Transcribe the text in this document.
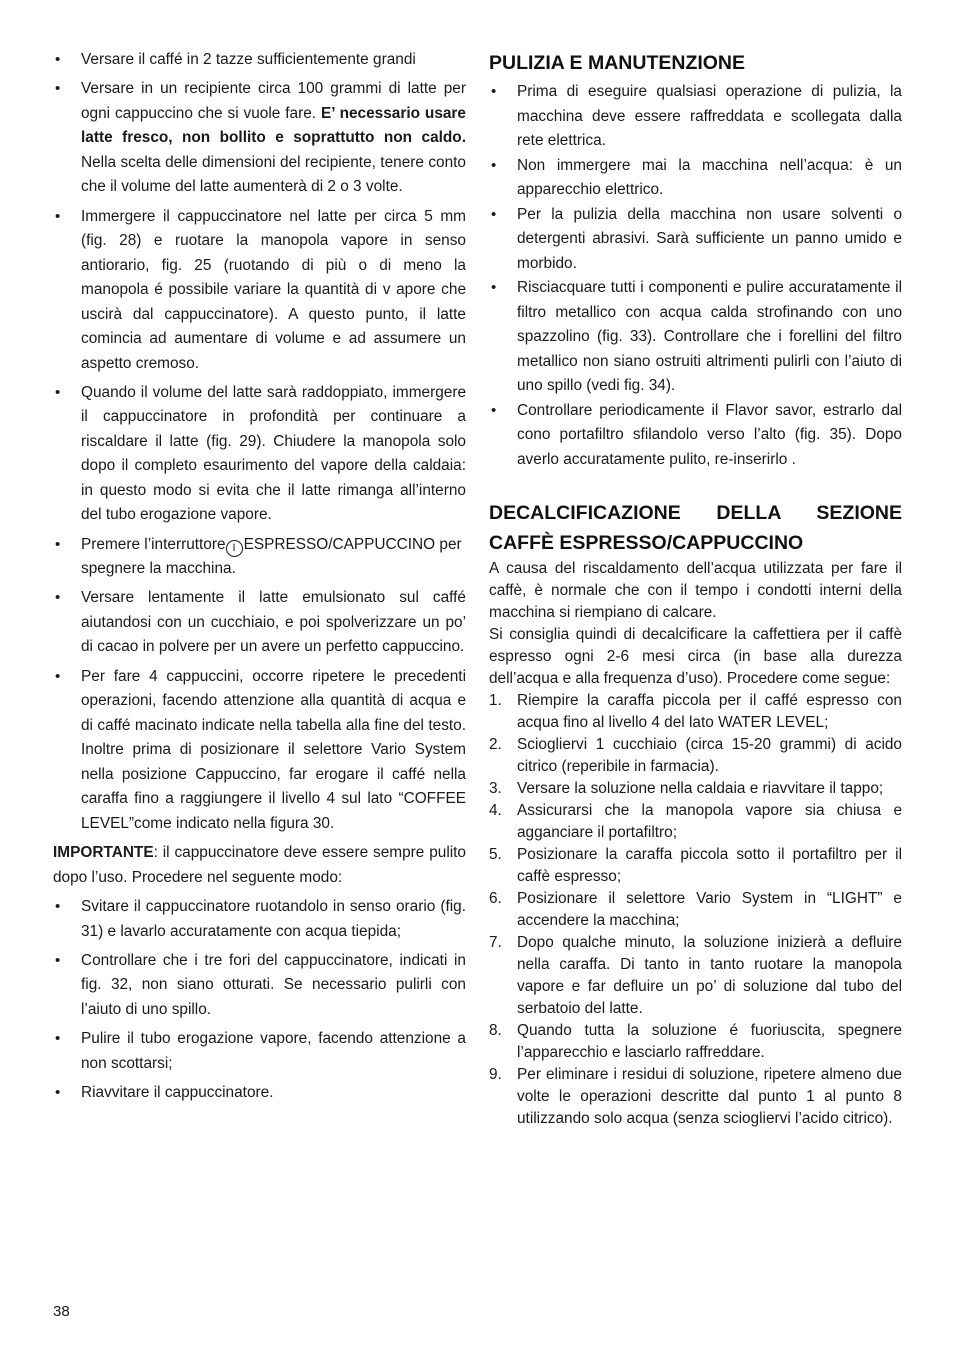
• Versare il caffé in 2 tazze sufficientemente grandi
• Versare in un recipiente circa 100 grammi di latte per ogni cappuccino che si vuole fare. E’ necessario usare latte fresco, non bollito e soprattutto non caldo. Nella scelta delle dimensioni del recipiente, tenere conto che il volume del latte aumenterà di 2 o 3 volte.
• Immergere il cappuccinatore nel latte per circa 5 mm (fig. 28) e ruotare la manopola vapore in senso antiorario, fig. 25 (ruotando di più o di meno la manopola é possibile variare la quantità di v apore che uscirà dal cappuccinatore). A questo punto, il latte comincia ad aumentare di volume e ad assumere un aspetto cremoso.
• Quando il volume del latte sarà raddoppiato, immergere il cappuccinatore in profondità per continuare a riscaldare il latte (fig. 29). Chiudere la manopola solo dopo il completo esaurimento del vapore della caldaia: in questo modo si evita che il latte rimanga all’interno del tubo erogazione vapore.
• Premere l’interruttore I ESPRESSO/CAPPUCCINO per spegnere la macchina.
• Versare lentamente il latte emulsionato sul caffé aiutandosi con un cucchiaio, e poi spolverizzare un po’ di cacao in polvere per un avere un perfetto cappuccino.
• Per fare 4 cappuccini, occorre ripetere le precedenti operazioni, facendo attenzione alla quantità di acqua e di caffé macinato indicate nella tabella alla fine del testo. Inoltre prima di posizionare il selettore Vario System nella posizione Cappuccino, far erogare il caffé nella caraffa fino a raggiungere il livello 4 sul lato “COFFEE LEVEL”come indicato nella figura 30.

IMPORTANTE: il cappuccinatore deve essere sempre pulito dopo l’uso. Procedere nel seguente modo:

• Svitare il cappuccinatore ruotandolo in senso orario (fig. 31) e lavarlo accuratamente con acqua tiepida;
• Controllare che i tre fori del cappuccinatore, indicati in fig. 32, non siano otturati. Se necessario pulirli con l’aiuto di uno spillo.
• Pulire il tubo erogazione vapore, facendo attenzione a non scottarsi;
• Riavvitare il cappuccinatore.
PULIZIA E MANUTENZIONE
• Prima di eseguire qualsiasi operazione di pulizia, la macchina deve essere raffreddata e scollegata dalla rete elettrica.
• Non immergere mai la macchina nell’acqua: è un apparecchio elettrico.
• Per la pulizia della macchina non usare solventi o detergenti abrasivi. Sarà sufficiente un panno umido e morbido.
• Risciacquare tutti i componenti e pulire accuratamente il filtro metallico con acqua calda strofinando con uno spazzolino (fig. 33). Controllare che i forellini del filtro metallico non siano ostruiti altrimenti pulirli con l’aiuto di uno spillo (vedi fig. 34).
• Controllare periodicamente il Flavor savor, estrarlo dal cono portafiltro sfilandolo verso l’alto (fig. 35). Dopo averlo accuratamente pulito, re-inserirlo .
DECALCIFICAZIONE DELLA SEZIONE CAFFÈ ESPRESSO/CAPPUCCINO

A causa del riscaldamento dell’acqua utilizzata per fare il caffè, è normale che con il tempo i condotti interni della macchina si riempiano di calcare.

Si consiglia quindi di decalcificare la caffettiera per il caffè espresso ogni 2-6 mesi circa (in base alla durezza dell’acqua e alla frequenza d’uso). Procedere come segue:

1. Riempire la caraffa piccola per il caffé espresso con acqua fino al livello 4 del lato WATER LEVEL;
2. Sciogliervi 1 cucchiaio (circa 15-20 grammi) di acido citrico (reperibile in farmacia).
3. Versare la soluzione nella caldaia e riavvitare il tappo;
4. Assicurarsi che la manopola vapore sia chiusa e agganciare il portafiltro;
5. Posizionare la caraffa piccola sotto il portafiltro per il caffè espresso;
6. Posizionare il selettore Vario System in “LIGHT” e accendere la macchina;
7. Dopo qualche minuto, la soluzione inizierà a defluire nella caraffa. Di tanto in tanto ruotare la manopola vapore e far defluire un po’ di soluzione dal tubo del serbatoio del latte.
8. Quando tutta la soluzione é fuoriuscita, spegnere l’apparecchio e lasciarlo raffreddare.
9. Per eliminare i residui di soluzione, ripetere almeno due volte le operazioni descritte dal punto 1 al punto 8 utilizzando solo acqua (senza sciogliervi l’acido citrico).
38
